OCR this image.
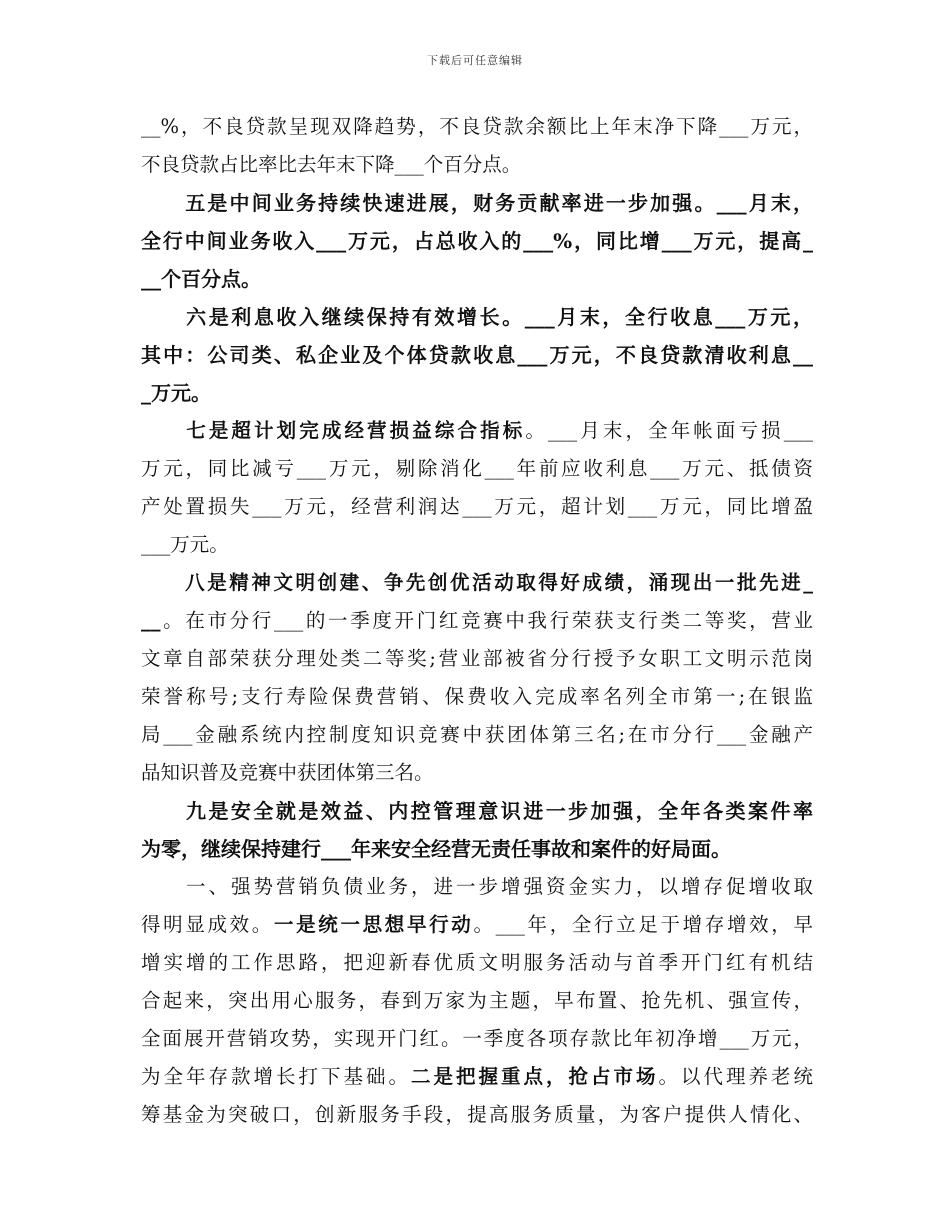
下载后可任意编辑
__%，不良贷款呈现双降趋势，不良贷款余额比上年末净下降___万元，
不良贷款占比率比去年末下降___个百分点。
　　五是中间业务持续快速进展，财务贡献率进一步加强。___月末，
全行中间业务收入___万元，占总收入的___%，同比增___万元，提高_
__个百分点。
　　六是利息收入继续保持有效增长。___月末，全行收息___万元，
其中：公司类、私企业及个体贷款收息___万元，不良贷款清收利息__
_万元。
　　七是超计划完成经营损益综合指标。___月末，全年帐面亏损___
万元，同比减亏___万元，剔除消化___年前应收利息___万元、抵债资
产处置损失___万元，经营利润达___万元，超计划___万元，同比增盈
___万元。
　　八是精神文明创建、争先创优活动取得好成绩，涌现出一批先进_
__。在市分行___的一季度开门红竞赛中我行荣获支行类二等奖，营业
文章自部荣获分理处类二等奖;营业部被省分行授予女职工文明示范岗
荣誉称号;支行寿险保费营销、保费收入完成率名列全市第一;在银监
局___金融系统内控制度知识竞赛中获团体第三名;在市分行___金融产
品知识普及竞赛中获团体第三名。
　　九是安全就是效益、内控管理意识进一步加强，全年各类案件率
为零，继续保持建行___年来安全经营无责任事故和案件的好局面。
　　一、强势营销负债业务，进一步增强资金实力，以增存促增收取
得明显成效。一是统一思想早行动。___年，全行立足于增存增效，早
增实增的工作思路，把迎新春优质文明服务活动与首季开门红有机结
合起来，突出用心服务，春到万家为主题，早布置、抢先机、强宣传，
全面展开营销攻势，实现开门红。一季度各项存款比年初净增___万元，
为全年存款增长打下基础。二是把握重点，抢占市场。以代理养老统
筹基金为突破口，创新服务手段，提高服务质量，为客户提供人情化、
